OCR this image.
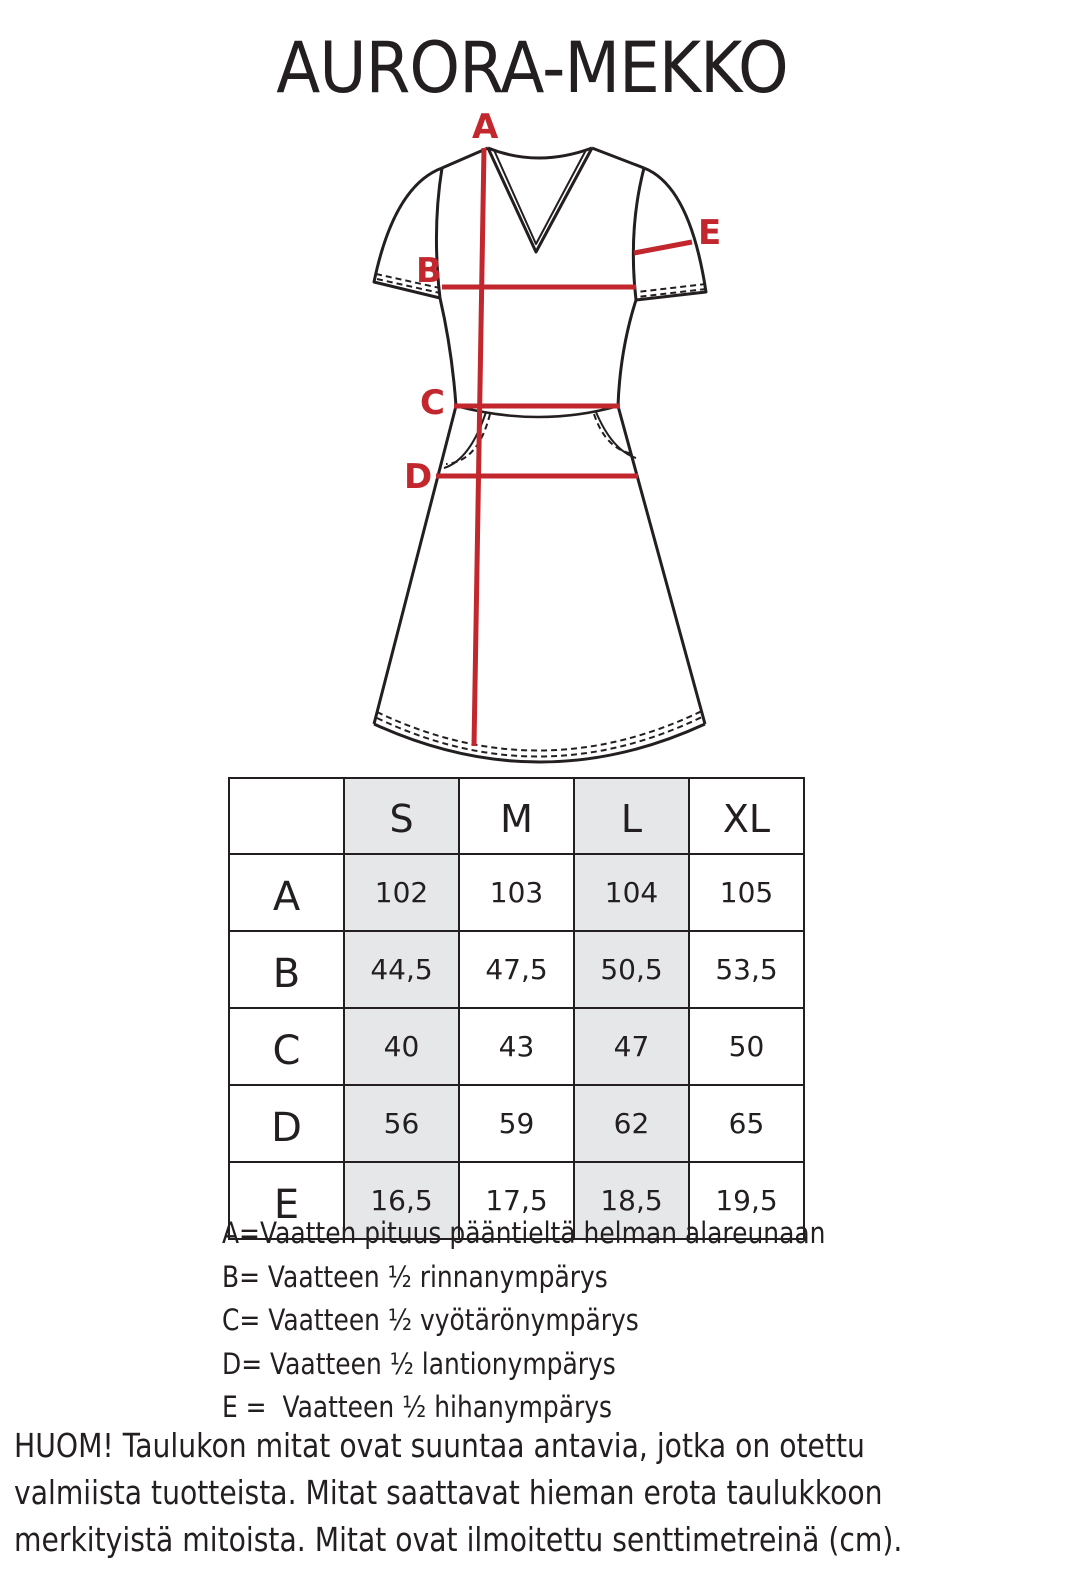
AURORA-MEKKO
A
B
C
D
E
	S	M	L	XL
A	102	103	104	105
B	44,5	47,5	50,5	53,5
C	40	43	47	50
D	56	59	62	65
E	16,5	17,5	18,5	19,5
A=Vaatten pituus pääntieltä helman alareunaan
B= Vaatteen ½ rinnanympärys
C= Vaatteen ½ vyötärönympärys
D= Vaatteen ½ lantionympärys
E =  Vaatteen ½ hihanympärys
HUOM! Taulukon mitat ovat suuntaa antavia, jotka on otettu
valmiista tuotteista. Mitat saattavat hieman erota taulukkoon
merkityistä mitoista. Mitat ovat ilmoitettu senttimetreinä (cm).
